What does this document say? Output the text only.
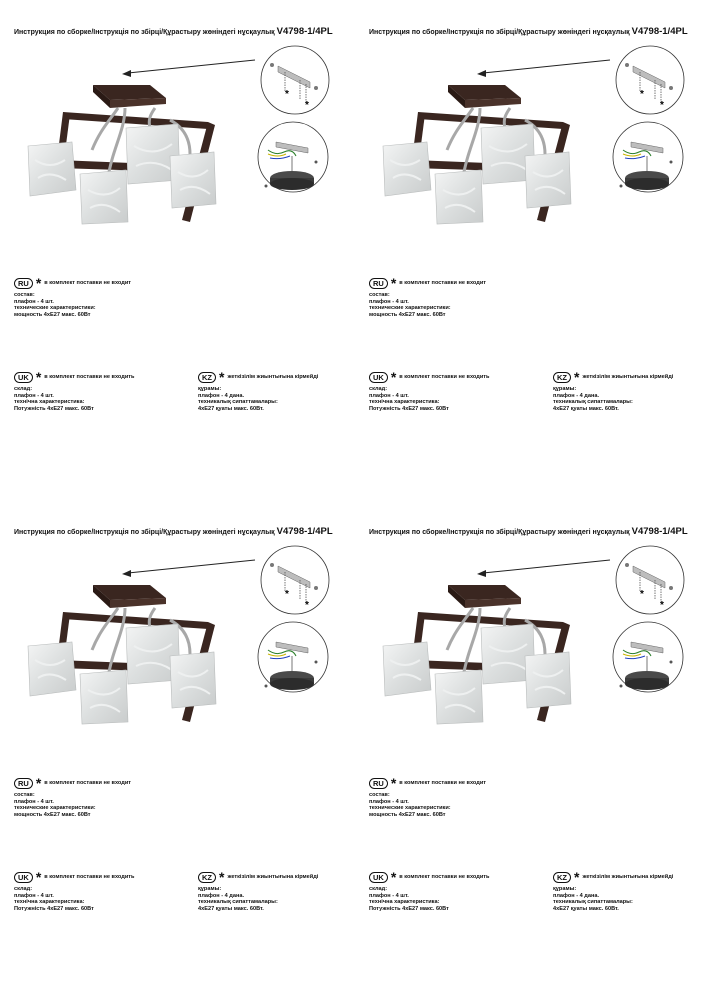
Инструкция по сборке/Інструкція по збірці/Құрастыру жөніндегі нұсқаулық V4798-1/4PL
*
*
RU * в комплект поставки не входит
состав:
плафон - 4 шт.
технические характеристики:
мощность 4хE27 макс. 60Вт
UK * в комплект поставки не входить
склад:
плафон - 4 шт.
технічна характеристика:
Потужність 4хE27 макс. 60Вт
KZ * жеткізілім жиынтығына кірмейді
құрамы:
плафон - 4 дана.
техникалық сипаттамалары:
4хE27 қуаты макс. 60Вт.
Инструкция по сборке/Інструкція по збірці/Құрастыру жөніндегі нұсқаулық V4798-1/4PL
*
*
RU * в комплект поставки не входит
состав:
плафон - 4 шт.
технические характеристики:
мощность 4хE27 макс. 60Вт
UK * в комплект поставки не входить
склад:
плафон - 4 шт.
технічна характеристика:
Потужність 4хE27 макс. 60Вт
KZ * жеткізілім жиынтығына кірмейді
құрамы:
плафон - 4 дана.
техникалық сипаттамалары:
4хE27 қуаты макс. 60Вт.
Инструкция по сборке/Інструкція по збірці/Құрастыру жөніндегі нұсқаулық V4798-1/4PL
*
*
RU * в комплект поставки не входит
состав:
плафон - 4 шт.
технические характеристики:
мощность 4хE27 макс. 60Вт
UK * в комплект поставки не входить
склад:
плафон - 4 шт.
технічна характеристика:
Потужність 4хE27 макс. 60Вт
KZ * жеткізілім жиынтығына кірмейді
құрамы:
плафон - 4 дана.
техникалық сипаттамалары:
4хE27 қуаты макс. 60Вт.
Инструкция по сборке/Інструкція по збірці/Құрастыру жөніндегі нұсқаулық V4798-1/4PL
*
*
RU * в комплект поставки не входит
состав:
плафон - 4 шт.
технические характеристики:
мощность 4хE27 макс. 60Вт
UK * в комплект поставки не входить
склад:
плафон - 4 шт.
технічна характеристика:
Потужність 4хE27 макс. 60Вт
KZ * жеткізілім жиынтығына кірмейді
құрамы:
плафон - 4 дана.
техникалық сипаттамалары:
4хE27 қуаты макс. 60Вт.
